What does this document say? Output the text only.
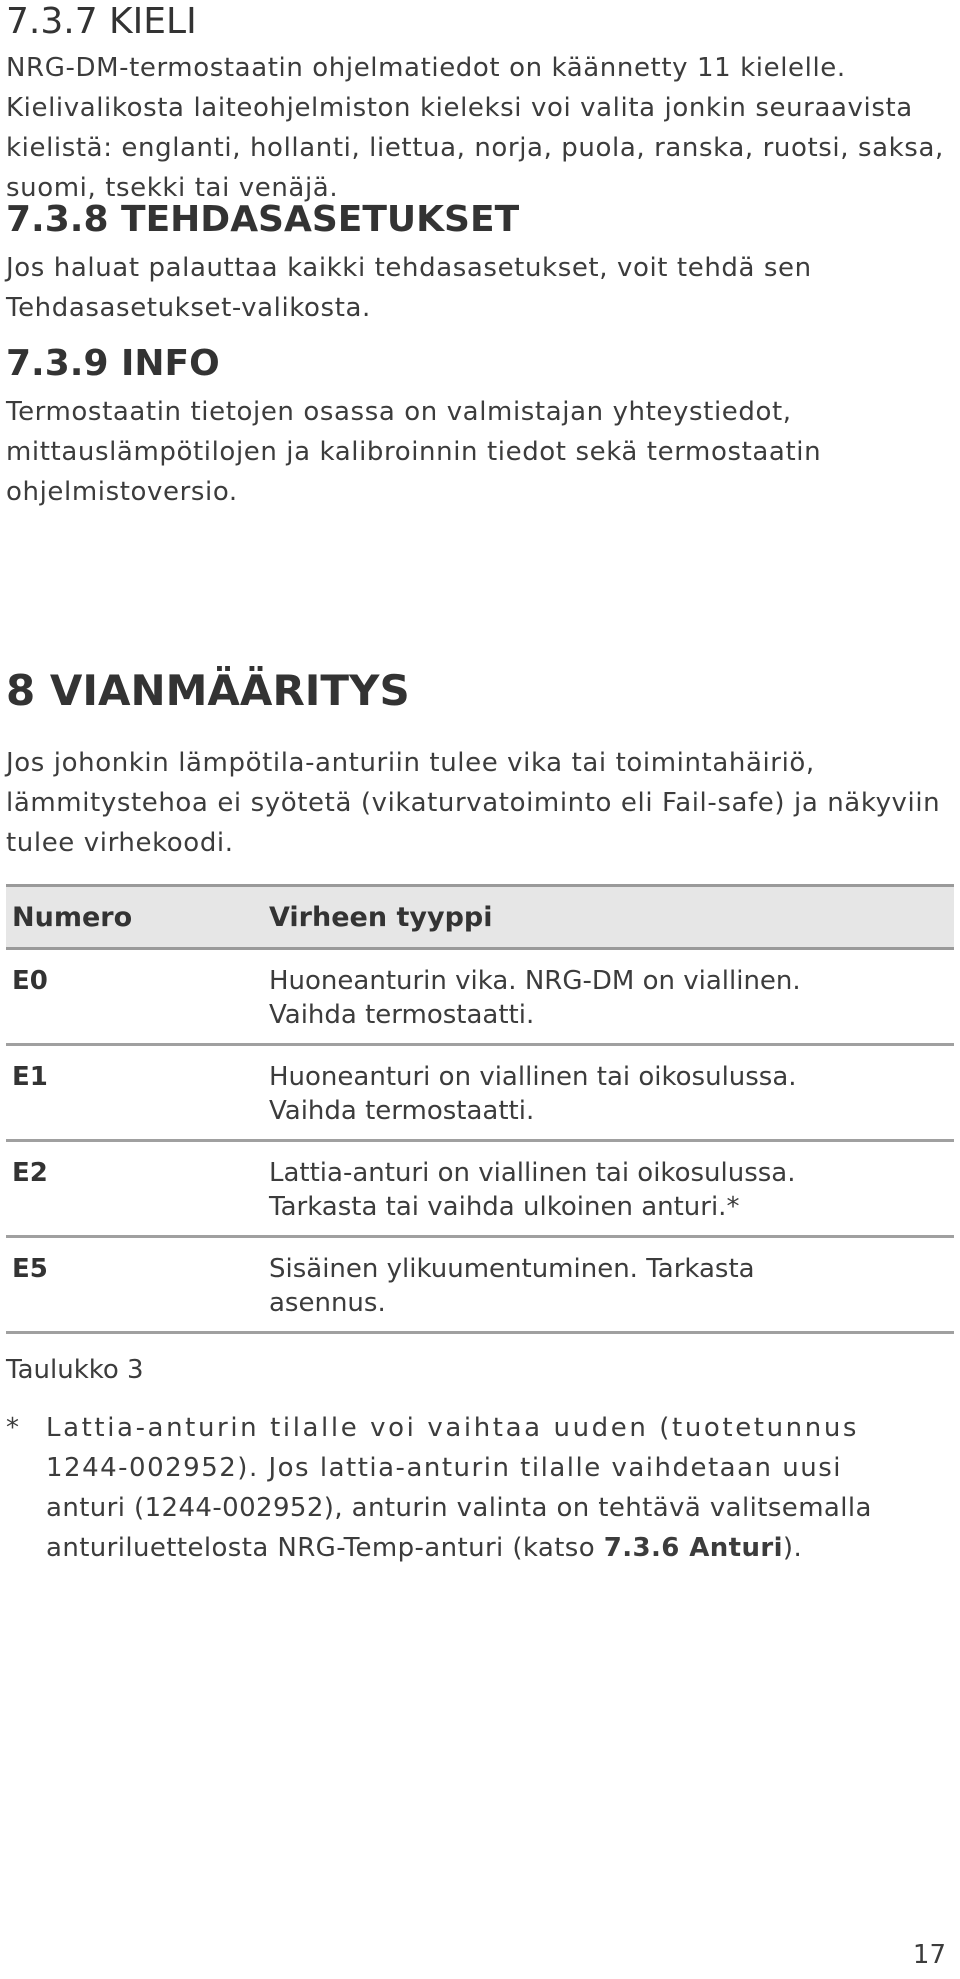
7.3.7 KIELI

NRG-DM-termostaatin ohjelmatiedot on käännetty 11 kielelle. Kielivalikosta laiteohjelmiston kieleksi voi valita jonkin seuraavista kielistä: englanti, hollanti, liettua, norja, puola, ranska, ruotsi, saksa, suomi, tsekki tai venäjä.

7.3.8 TEHDASASETUKSET

Jos haluat palauttaa kaikki tehdasasetukset, voit tehdä sen Tehdasasetukset-valikosta.

7.3.9 INFO

Termostaatin tietojen osassa on valmistajan yhteystiedot, mittauslämpötilojen ja kalibroinnin tiedot sekä termostaatin ohjelmistoversio.

8 VIANMÄÄRITYS

Jos johonkin lämpötila-anturiin tulee vika tai toimintahäiriö, lämmitystehoa ei syötetä (vikaturvatoiminto eli Fail-safe) ja näkyviin tulee virhekoodi.

Numero	Virheen tyyppi
E0	Huoneanturin vika. NRG-DM on viallinen.
Vaihda termostaatti.
E1	Huoneanturi on viallinen tai oikosulussa.
Vaihda termostaatti.
E2	Lattia-anturi on viallinen tai oikosulussa.
Tarkasta tai vaihda ulkoinen anturi.*
E5	Sisäinen ylikuumentuminen. Tarkasta
asennus.
Taulukko 3
* Lattia-anturin tilalle voi vaihtaa uuden (tuotetunnus
1244-002952). Jos lattia-anturin tilalle vaihdetaan uusi
anturi (1244-002952), anturin valinta on tehtävä valitsemalla
anturiluettelosta NRG-Temp-anturi (katso 7.3.6 Anturi).
17
